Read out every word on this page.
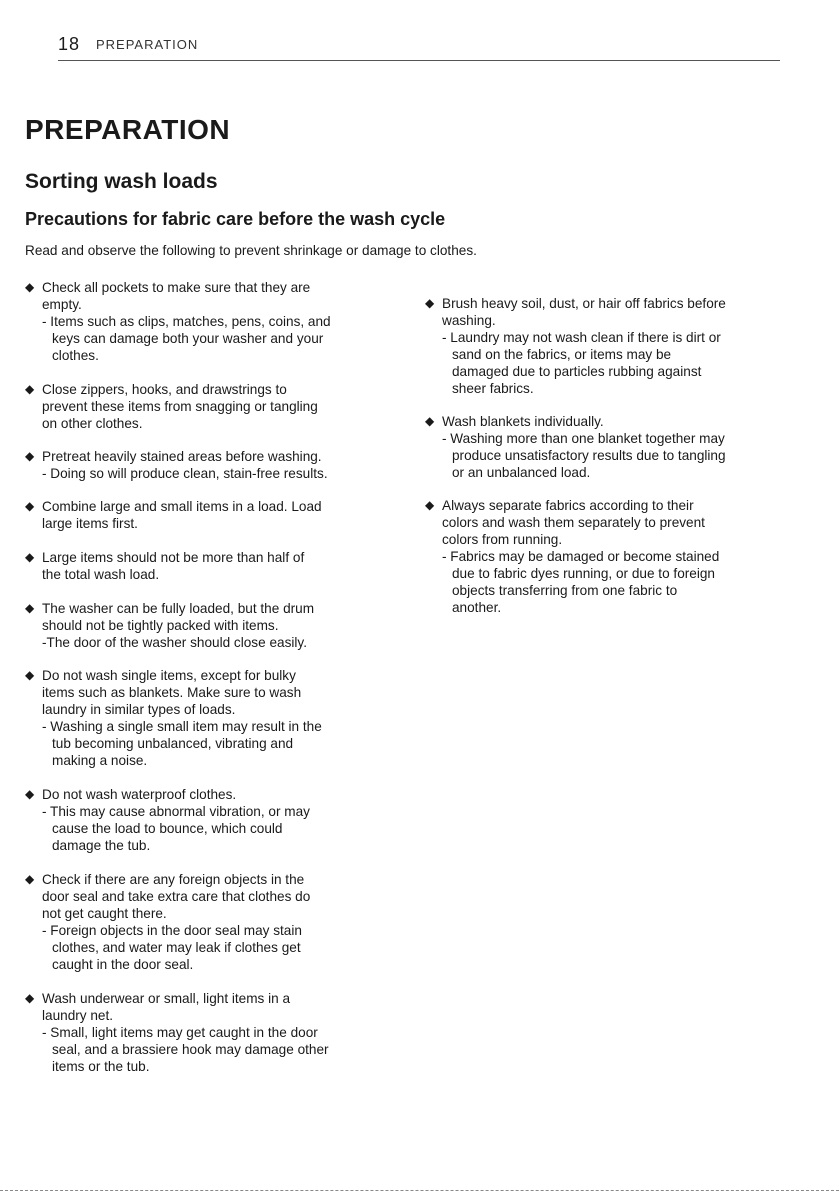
18 PREPARATION
PREPARATION
Sorting wash loads
Precautions for fabric care before the wash cycle
Read and observe the following to prevent shrinkage or damage to clothes.
◆ Check all pockets to make sure that they are
empty.
- Items such as clips, matches, pens, coins, and
keys can damage both your washer and your
clothes.
◆ Close zippers, hooks, and drawstrings to
prevent these items from snagging or tangling
on other clothes.
◆ Pretreat heavily stained areas before washing.
- Doing so will produce clean, stain-free results.
◆ Combine large and small items in a load. Load
large items first.
◆ Large items should not be more than half of
the total wash load.
◆ The washer can be fully loaded, but the drum
should not be tightly packed with items.
-The door of the washer should close easily.
◆ Do not wash single items, except for bulky
items such as blankets. Make sure to wash
laundry in similar types of loads.
- Washing a single small item may result in the
tub becoming unbalanced, vibrating and
making a noise.
◆ Do not wash waterproof clothes.
- This may cause abnormal vibration, or may
cause the load to bounce, which could
damage the tub.
◆ Check if there are any foreign objects in the
door seal and take extra care that clothes do
not get caught there.
- Foreign objects in the door seal may stain
clothes, and water may leak if clothes get
caught in the door seal.
◆ Wash underwear or small, light items in a
laundry net.
- Small, light items may get caught in the door
seal, and a brassiere hook may damage other
items or the tub.
◆ Brush heavy soil, dust, or hair off fabrics before
washing.
- Laundry may not wash clean if there is dirt or
sand on the fabrics, or items may be
damaged due to particles rubbing against
sheer fabrics.
◆ Wash blankets individually.
- Washing more than one blanket together may
produce unsatisfactory results due to tangling
or an unbalanced load.
◆ Always separate fabrics according to their
colors and wash them separately to prevent
colors from running.
- Fabrics may be damaged or become stained
due to fabric dyes running, or due to foreign
objects transferring from one fabric to
another.
